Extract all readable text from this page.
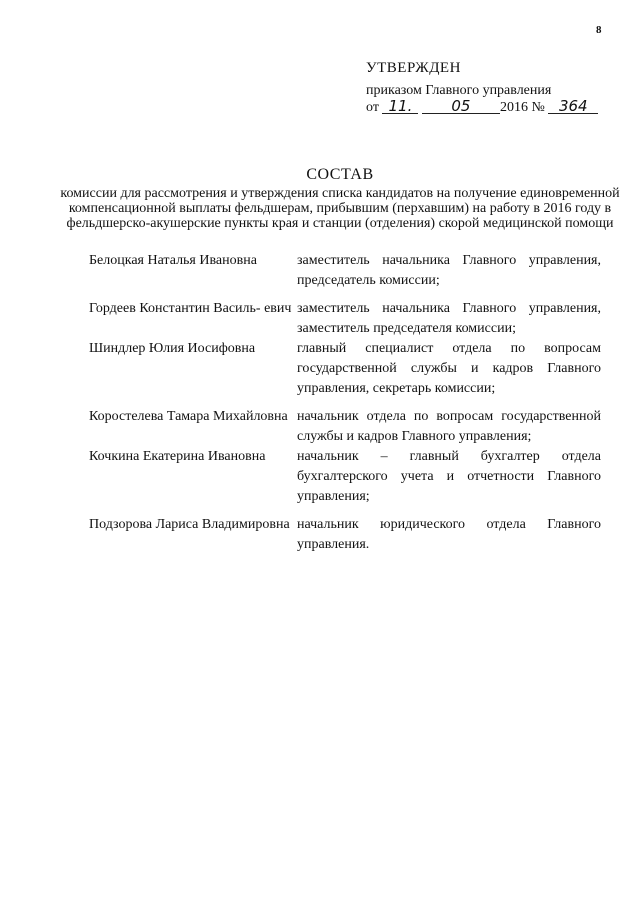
8
УТВЕРЖДЕН
приказом Главного управления
от 11.	05 2016 № 364
СОСТАВ
комиссии для рассмотрения и утверждения списка кандидатов на получение единовременной компенсационной выплаты фельдшерам, прибывшим (перхавшим) на работу в 2016 году в фельдшерско-акушерские пункты края и станции (отделения) скорой медицинской помощи
Белоцкая Наталья Ивановна	заместитель начальника Главного управления, председатель комиссии;
Гордеев Константин Василь- евич заместитель начальника Главного управления, заместитель председателя комиссии;
Шиндлер Юлия Иосифовна	главный специалист отдела по вопросам государственной службы и кадров Главного управления, секретарь комиссии;
Коростелева Тамара Михайловна начальник отдела по вопросам государственной службы и кадров Главного управления;
Кочкина Екатерина Ивановна	начальник – главный бухгалтер отдела бухгалтерского учета и отчетности Главного управления;
Подзорова Лариса Владимировна начальник юридического отдела Главного управления.
